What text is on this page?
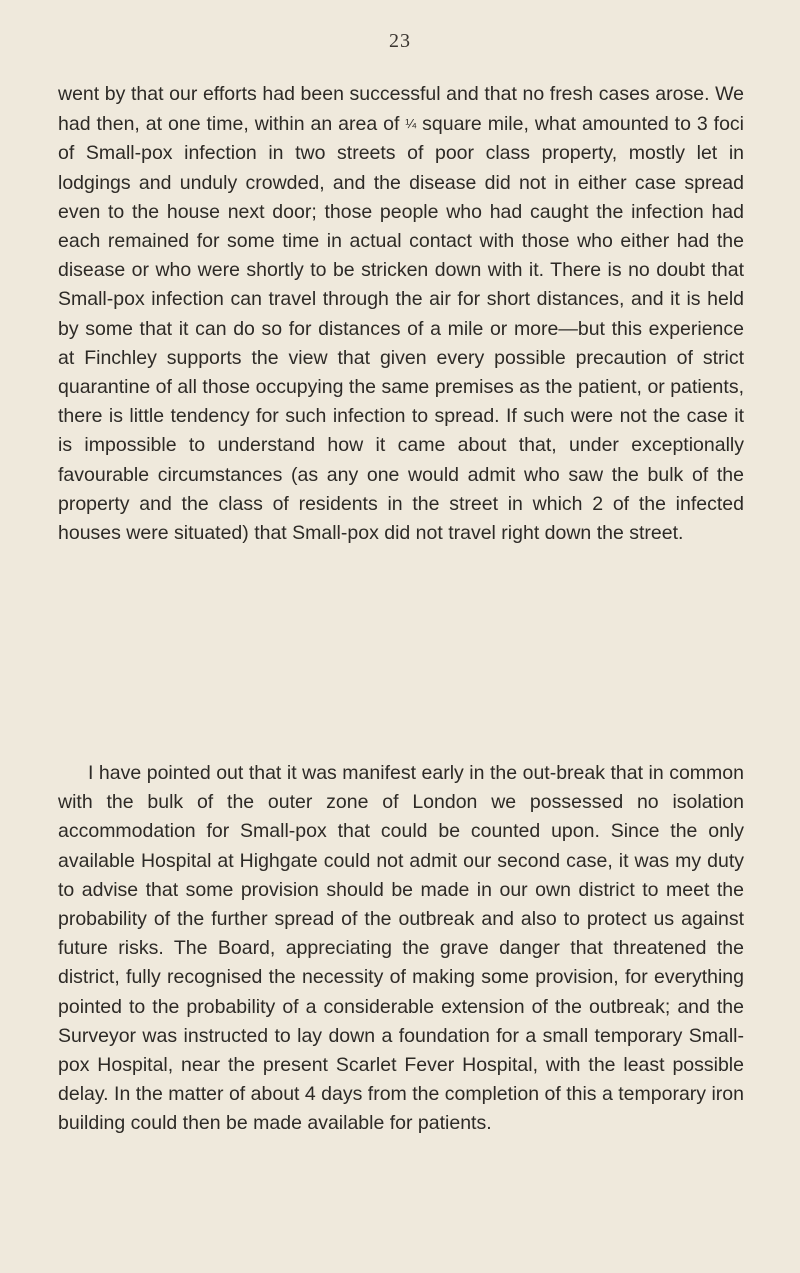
23

went by that our efforts had been successful and that no fresh cases arose. We had then, at one time, within an area of ¼ square mile, what amounted to 3 foci of Small-pox infection in two streets of poor class property, mostly let in lodgings and unduly crowded, and the disease did not in either case spread even to the house next door; those people who had caught the infection had each remained for some time in actual contact with those who either had the disease or who were shortly to be stricken down with it. There is no doubt that Small-pox infection can travel through the air for short distances, and it is held by some that it can do so for distances of a mile or more—but this experience at Finchley supports the view that given every possible precaution of strict quarantine of all those occupying the same premises as the patient, or patients, there is little tendency for such infection to spread. If such were not the case it is impossible to understand how it came about that, under exceptionally favourable circumstances (as any one would admit who saw the bulk of the property and the class of residents in the street in which 2 of the infected houses were situated) that Small-pox did not travel right down the street.

I have pointed out that it was manifest early in the out-break that in common with the bulk of the outer zone of London we possessed no isolation accommodation for Small-pox that could be counted upon. Since the only available Hospital at Highgate could not admit our second case, it was my duty to advise that some provision should be made in our own district to meet the probability of the further spread of the outbreak and also to protect us against future risks. The Board, appreciating the grave danger that threatened the district, fully recognised the necessity of making some provision, for everything pointed to the probability of a considerable extension of the outbreak; and the Surveyor was instructed to lay down a foundation for a small temporary Small-pox Hospital, near the present Scarlet Fever Hospital, with the least possible delay. In the matter of about 4 days from the completion of this a temporary iron building could then be made available for patients.
